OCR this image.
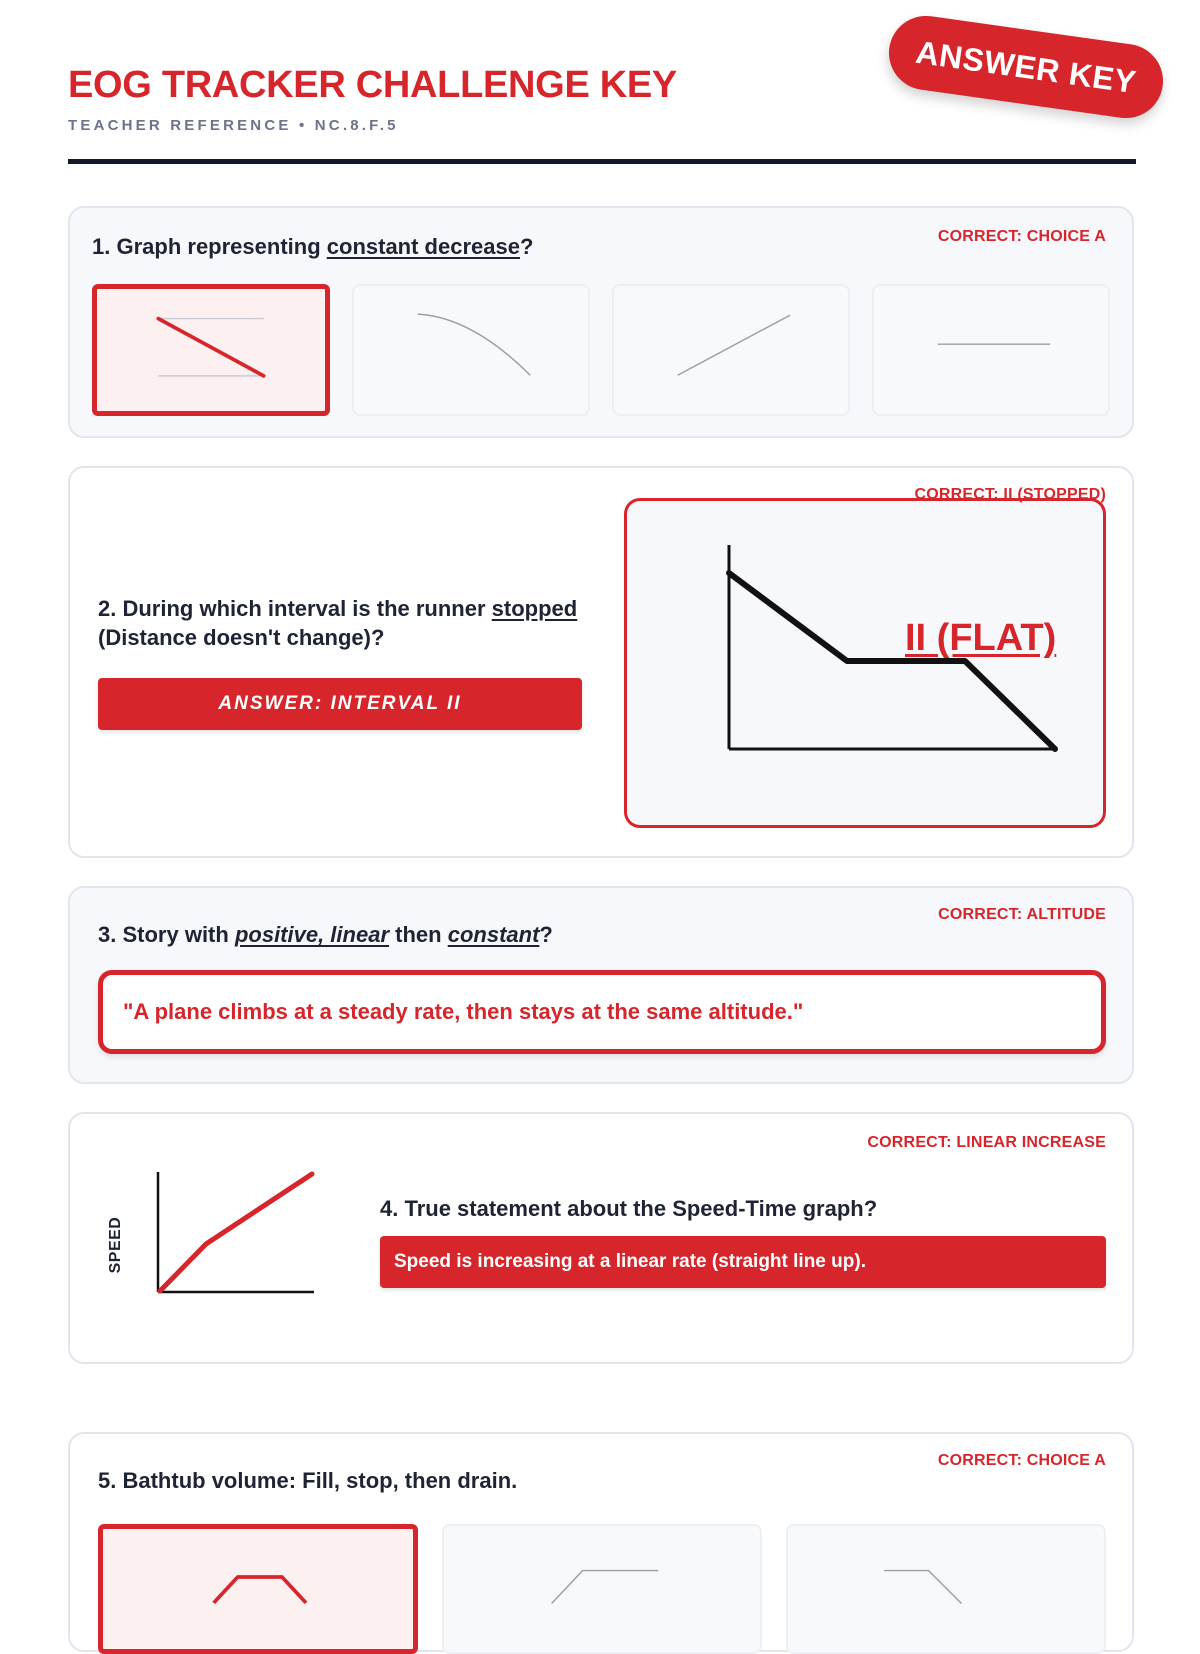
EOG TRACKER CHALLENGE KEY
TEACHER REFERENCE • NC.8.F.5
ANSWER KEY
CORRECT: CHOICE A
1. Graph representing constant decrease?
2. During which interval is the runner stopped
(Distance doesn't change)?
ANSWER: INTERVAL II
II (FLAT)
CORRECT: II (STOPPED)
CORRECT: ALTITUDE
3. Story with positive, linear then constant?
"A plane climbs at a steady rate, then stays at the same altitude."
CORRECT: LINEAR INCREASE
SPEED
4. True statement about the Speed-Time graph?
Speed is increasing at a linear rate (straight line up).
CORRECT: CHOICE A
5. Bathtub volume: Fill, stop, then drain.
